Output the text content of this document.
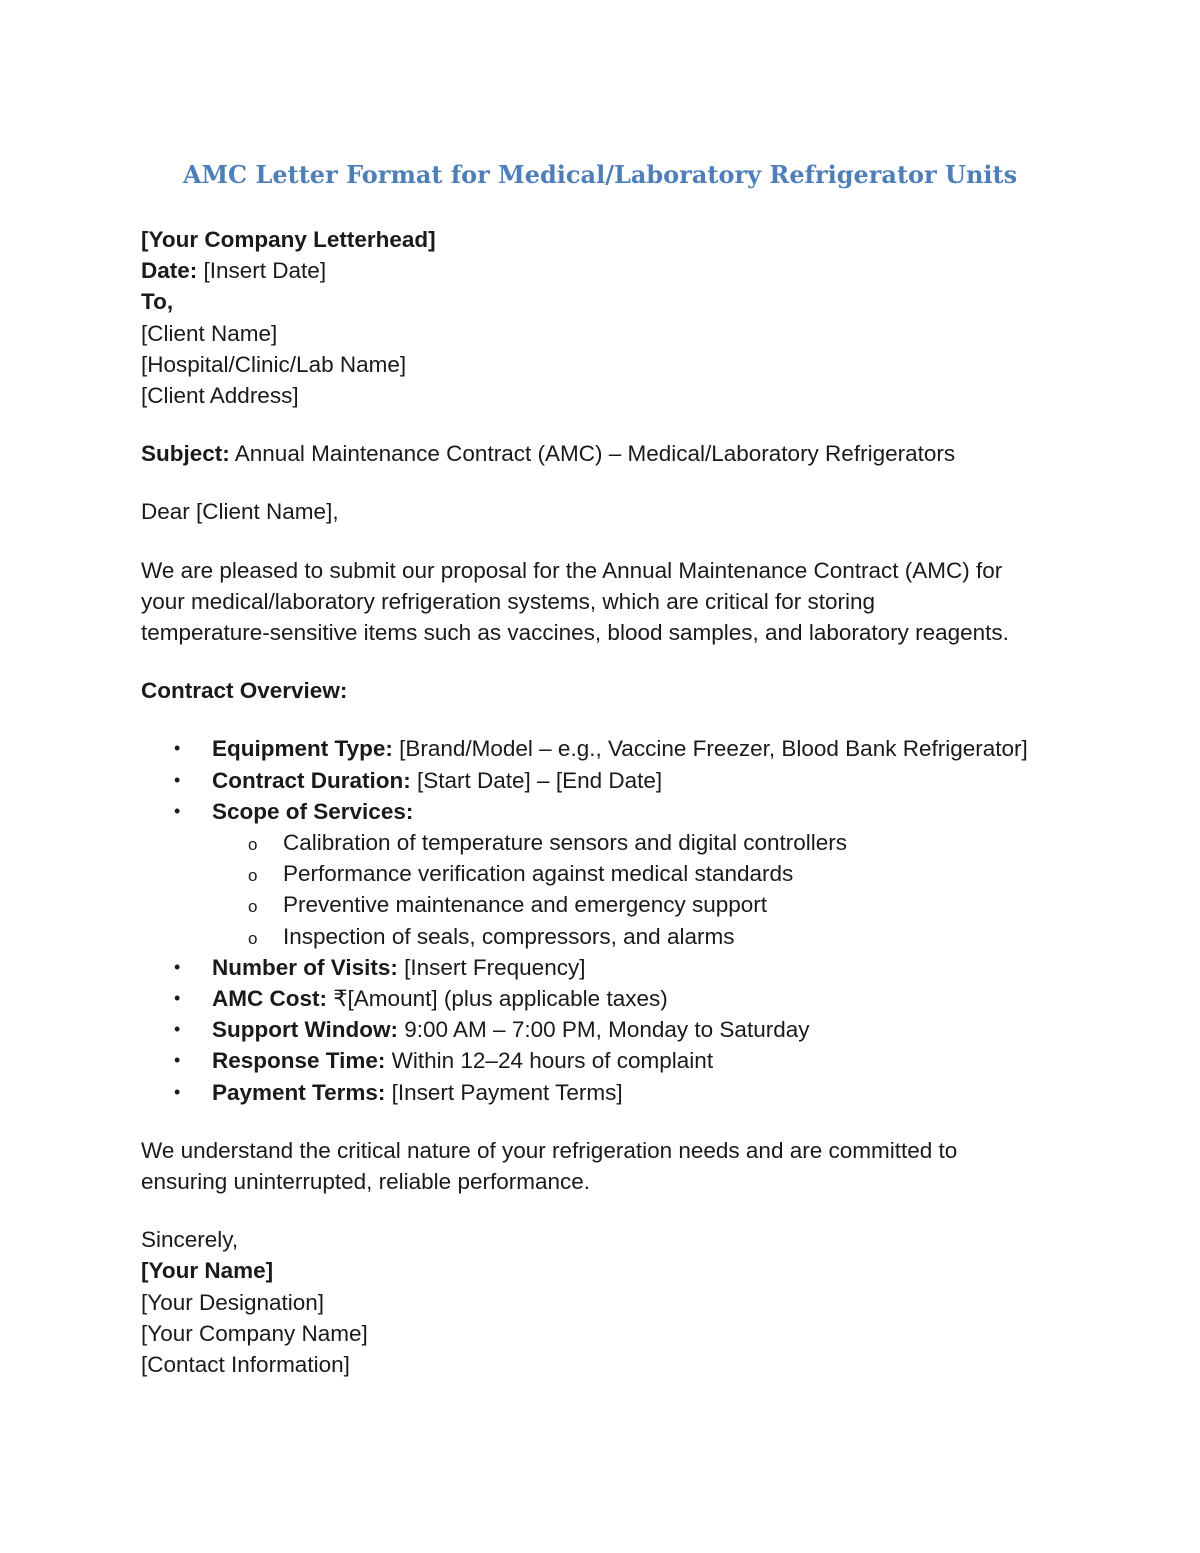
AMC Letter Format for Medical/Laboratory Refrigerator Units

[Your Company Letterhead]

Date: [Insert Date]

To,

[Client Name]

[Hospital/Clinic/Lab Name]

[Client Address]

Subject: Annual Maintenance Contract (AMC) – Medical/Laboratory Refrigerators

Dear [Client Name],

We are pleased to submit our proposal for the Annual Maintenance Contract (AMC) for

your medical/laboratory refrigeration systems, which are critical for storing

temperature-sensitive items such as vaccines, blood samples, and laboratory reagents.

Contract Overview:

• Equipment Type: [Brand/Model – e.g., Vaccine Freezer, Blood Bank Refrigerator]
• Contract Duration: [Start Date] – [End Date]
• Scope of Services:
o Calibration of temperature sensors and digital controllers
o Performance verification against medical standards
o Preventive maintenance and emergency support
o Inspection of seals, compressors, and alarms
• Number of Visits: [Insert Frequency]
• AMC Cost: ₹[Amount] (plus applicable taxes)
• Support Window: 9:00 AM – 7:00 PM, Monday to Saturday
• Response Time: Within 12–24 hours of complaint
• Payment Terms: [Insert Payment Terms]

We understand the critical nature of your refrigeration needs and are committed to

ensuring uninterrupted, reliable performance.

Sincerely,

[Your Name]

[Your Designation]

[Your Company Name]

[Contact Information]
